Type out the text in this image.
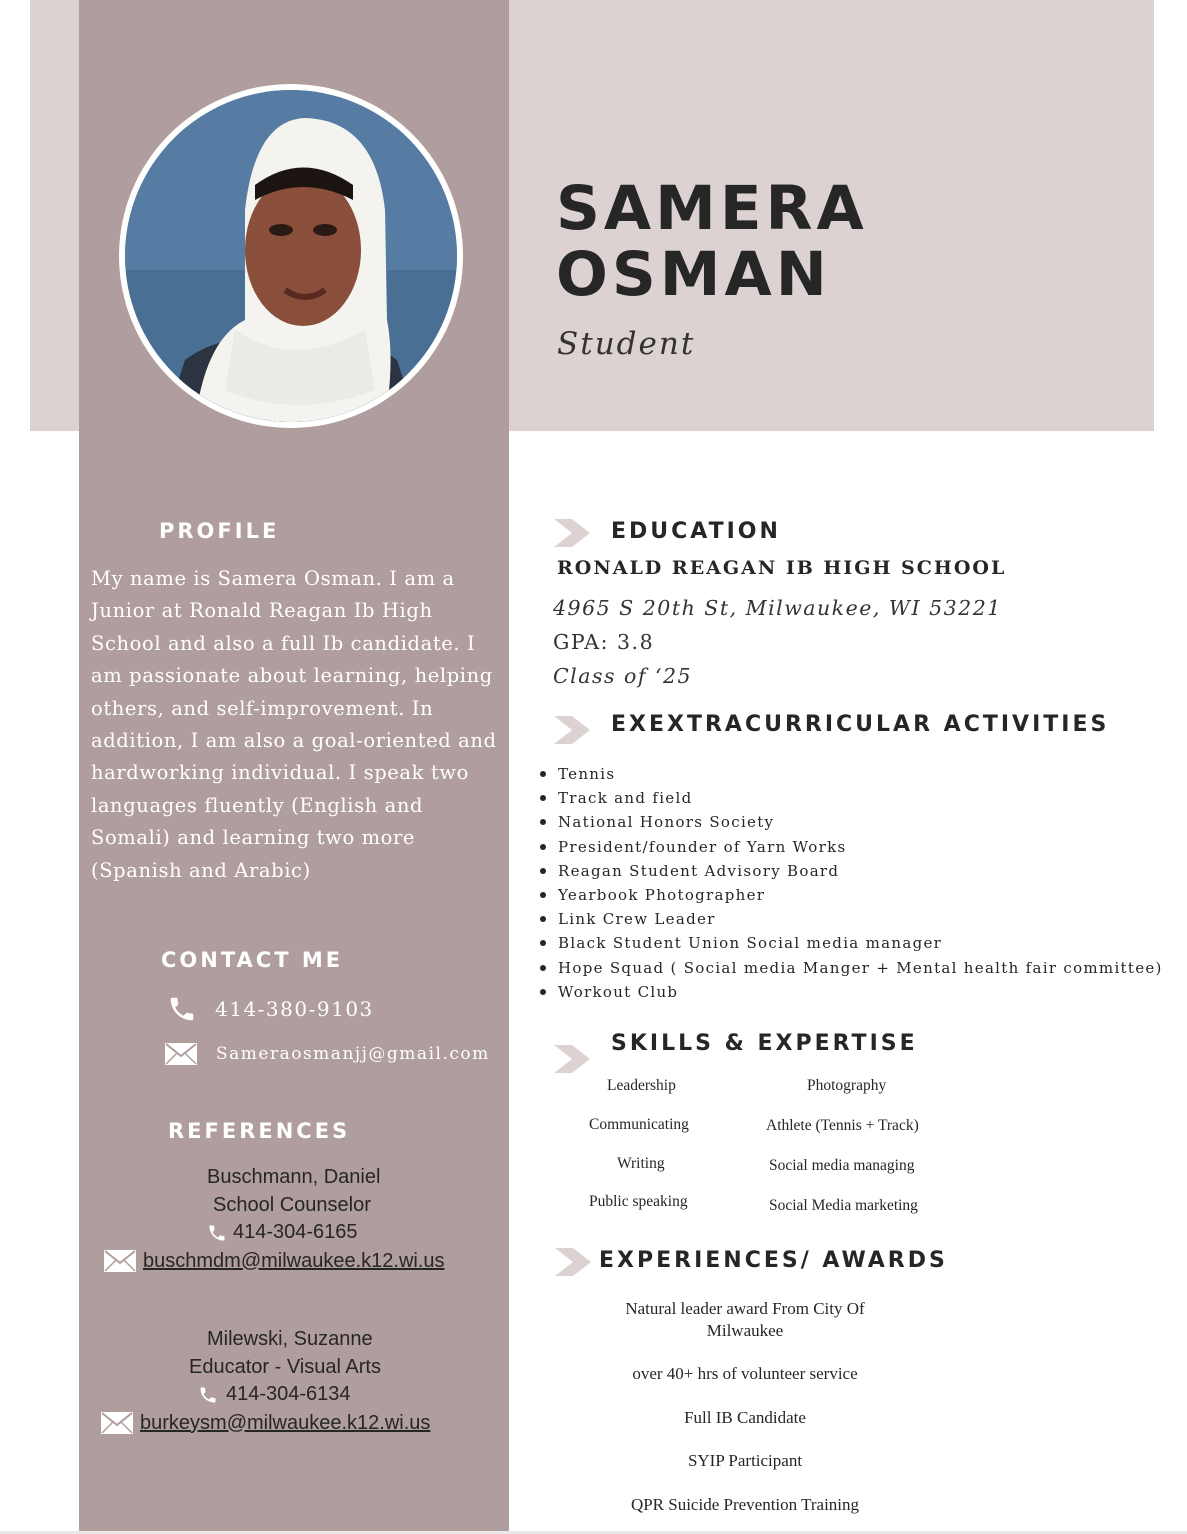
SAMERA
OSMAN
Student
PROFILE
My name is Samera Osman. I am a Junior at Ronald Reagan Ib High School and also a full Ib candidate. I am passionate about learning, helping others, and self-improvement. In addition, I am also a goal-oriented and hardworking individual. I speak two languages fluently (English and Somali) and learning two more (Spanish and Arabic)
CONTACT ME
414-380-9103
Sameraosmanjj@gmail.com
REFERENCES
Buschmann, Daniel
School Counselor
414-304-6165
buschmdm@milwaukee.k12.wi.us
Milewski, Suzanne
Educator - Visual Arts
414-304-6134
burkeysm@milwaukee.k12.wi.us
EDUCATION
RONALD REAGAN IB HIGH SCHOOL
4965 S 20th St, Milwaukee, WI 53221
GPA: 3.8
Class of ‘25
EXEXTRACURRICULAR ACTIVITIES
Tennis
Track and field
National Honors Society
President/founder of Yarn Works
Reagan Student Advisory Board
Yearbook Photographer
Link Crew Leader
Black Student Union Social media manager
Hope Squad ( Social media Manger + Mental health fair committee)
Workout Club
SKILLS & EXPERTISE
Leadership
Communicating
Writing
Public speaking
Photography
Athlete (Tennis + Track)
Social media managing
Social Media marketing
EXPERIENCES/ AWARDS
Natural leader award From City Of Milwaukee
over 40+ hrs of volunteer service
Full IB Candidate
SYIP Participant
QPR Suicide Prevention Training
